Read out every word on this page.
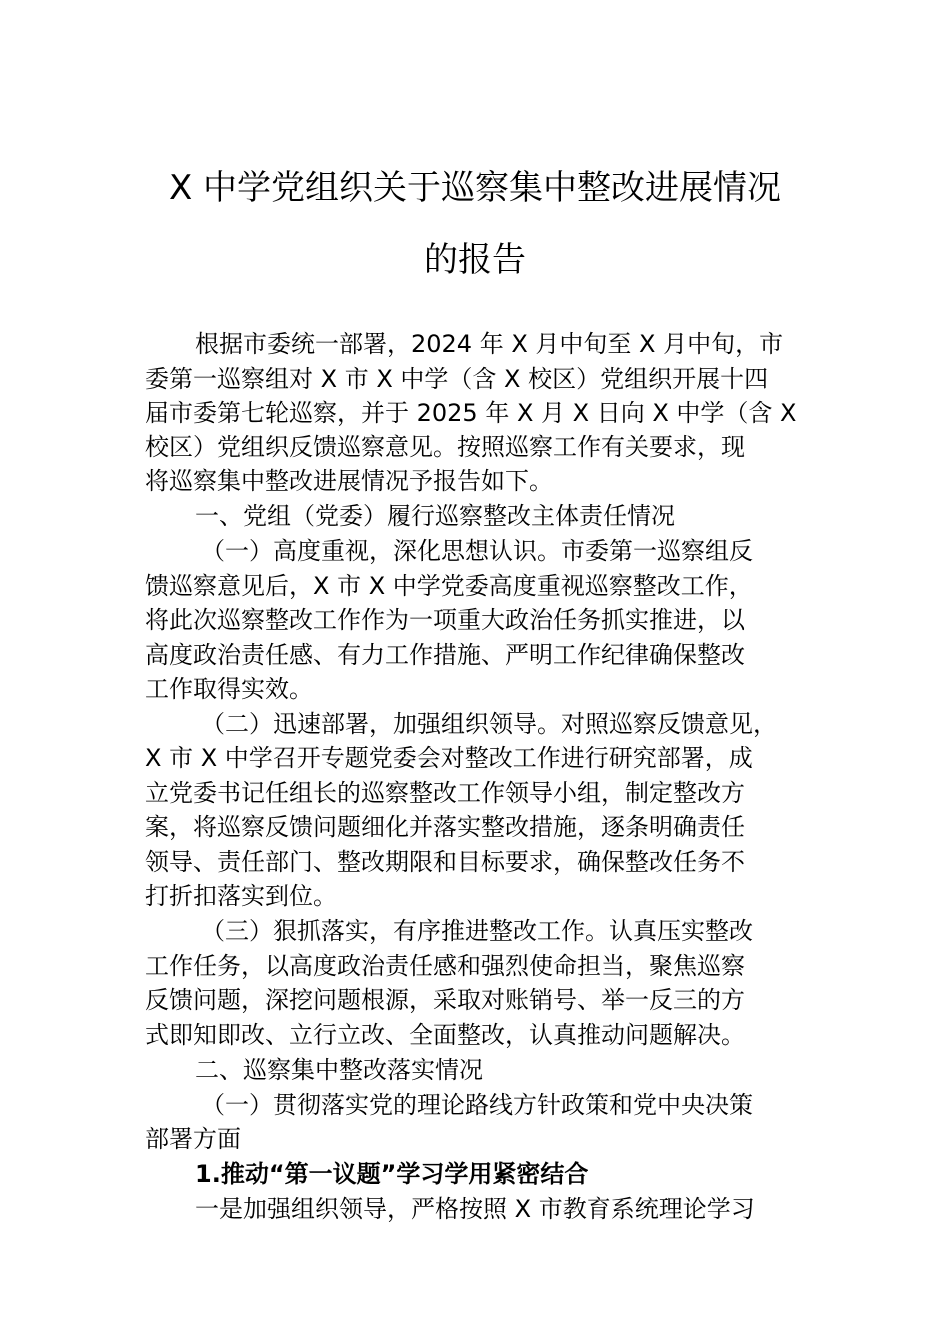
X 中学党组织关于巡察集中整改进展情况
的报告
根据市委统一部署，2024 年 X 月中旬至 X 月中旬，市
委第一巡察组对 X 市 X 中学（含 X 校区）党组织开展十四
届市委第七轮巡察，并于 2025 年 X 月 X 日向 X 中学（含 X
校区）党组织反馈巡察意见。按照巡察工作有关要求，现
将巡察集中整改进展情况予报告如下。
一、党组（党委）履行巡察整改主体责任情况
（一）高度重视，深化思想认识。市委第一巡察组反
馈巡察意见后，X 市 X 中学党委高度重视巡察整改工作，
将此次巡察整改工作作为一项重大政治任务抓实推进，以
高度政治责任感、有力工作措施、严明工作纪律确保整改
工作取得实效。
（二）迅速部署，加强组织领导。对照巡察反馈意见，
X 市 X 中学召开专题党委会对整改工作进行研究部署，成
立党委书记任组长的巡察整改工作领导小组，制定整改方
案，将巡察反馈问题细化并落实整改措施，逐条明确责任
领导、责任部门、整改期限和目标要求，确保整改任务不
打折扣落实到位。
（三）狠抓落实，有序推进整改工作。认真压实整改
工作任务，以高度政治责任感和强烈使命担当，聚焦巡察
反馈问题，深挖问题根源，采取对账销号、举一反三的方
式即知即改、立行立改、全面整改，认真推动问题解决。
二、巡察集中整改落实情况
（一）贯彻落实党的理论路线方针政策和党中央决策
部署方面
1.推动“第一议题”学习学用紧密结合
一是加强组织领导，严格按照 X 市教育系统理论学习
